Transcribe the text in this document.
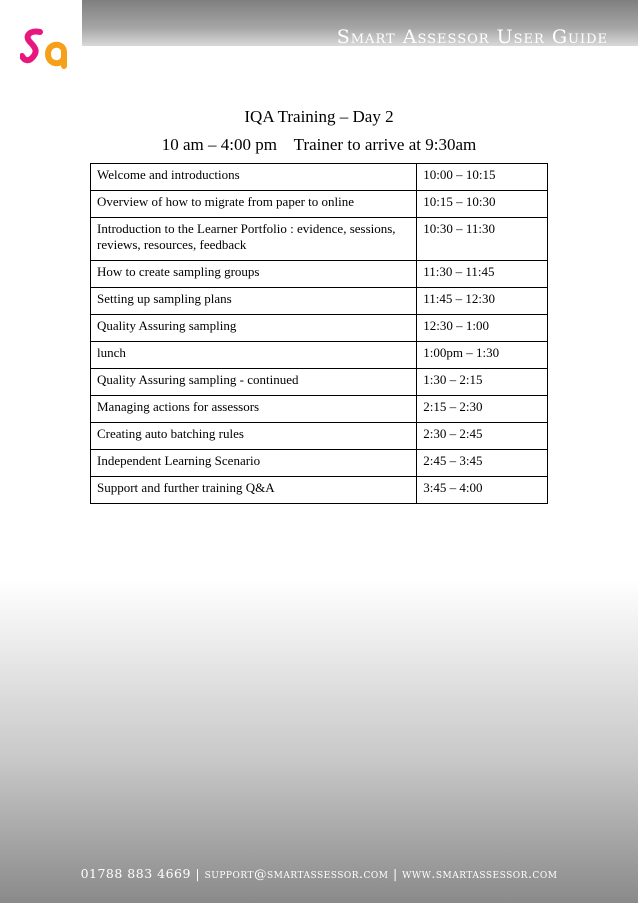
Smart Assessor User Guide
IQA Training – Day 2
10 am – 4:00 pm    Trainer to arrive at 9:30am
Welcome and introductions	10:00 – 10:15
Overview of how to migrate from paper to online	10:15 – 10:30
Introduction to the Learner Portfolio : evidence, sessions, reviews, resources, feedback	10:30 – 11:30
How to create sampling groups	11:30 – 11:45
Setting up sampling plans	11:45 – 12:30
Quality Assuring sampling	12:30 – 1:00
lunch	1:00pm – 1:30
Quality Assuring sampling - continued	1:30 – 2:15
Managing actions for assessors	2:15 – 2:30
Creating auto batching rules	2:30 – 2:45
Independent Learning Scenario	2:45 – 3:45
Support and further training Q&A	3:45 – 4:00
01788 883 4669 | support@smartassessor.com | www.smartassessor.com
